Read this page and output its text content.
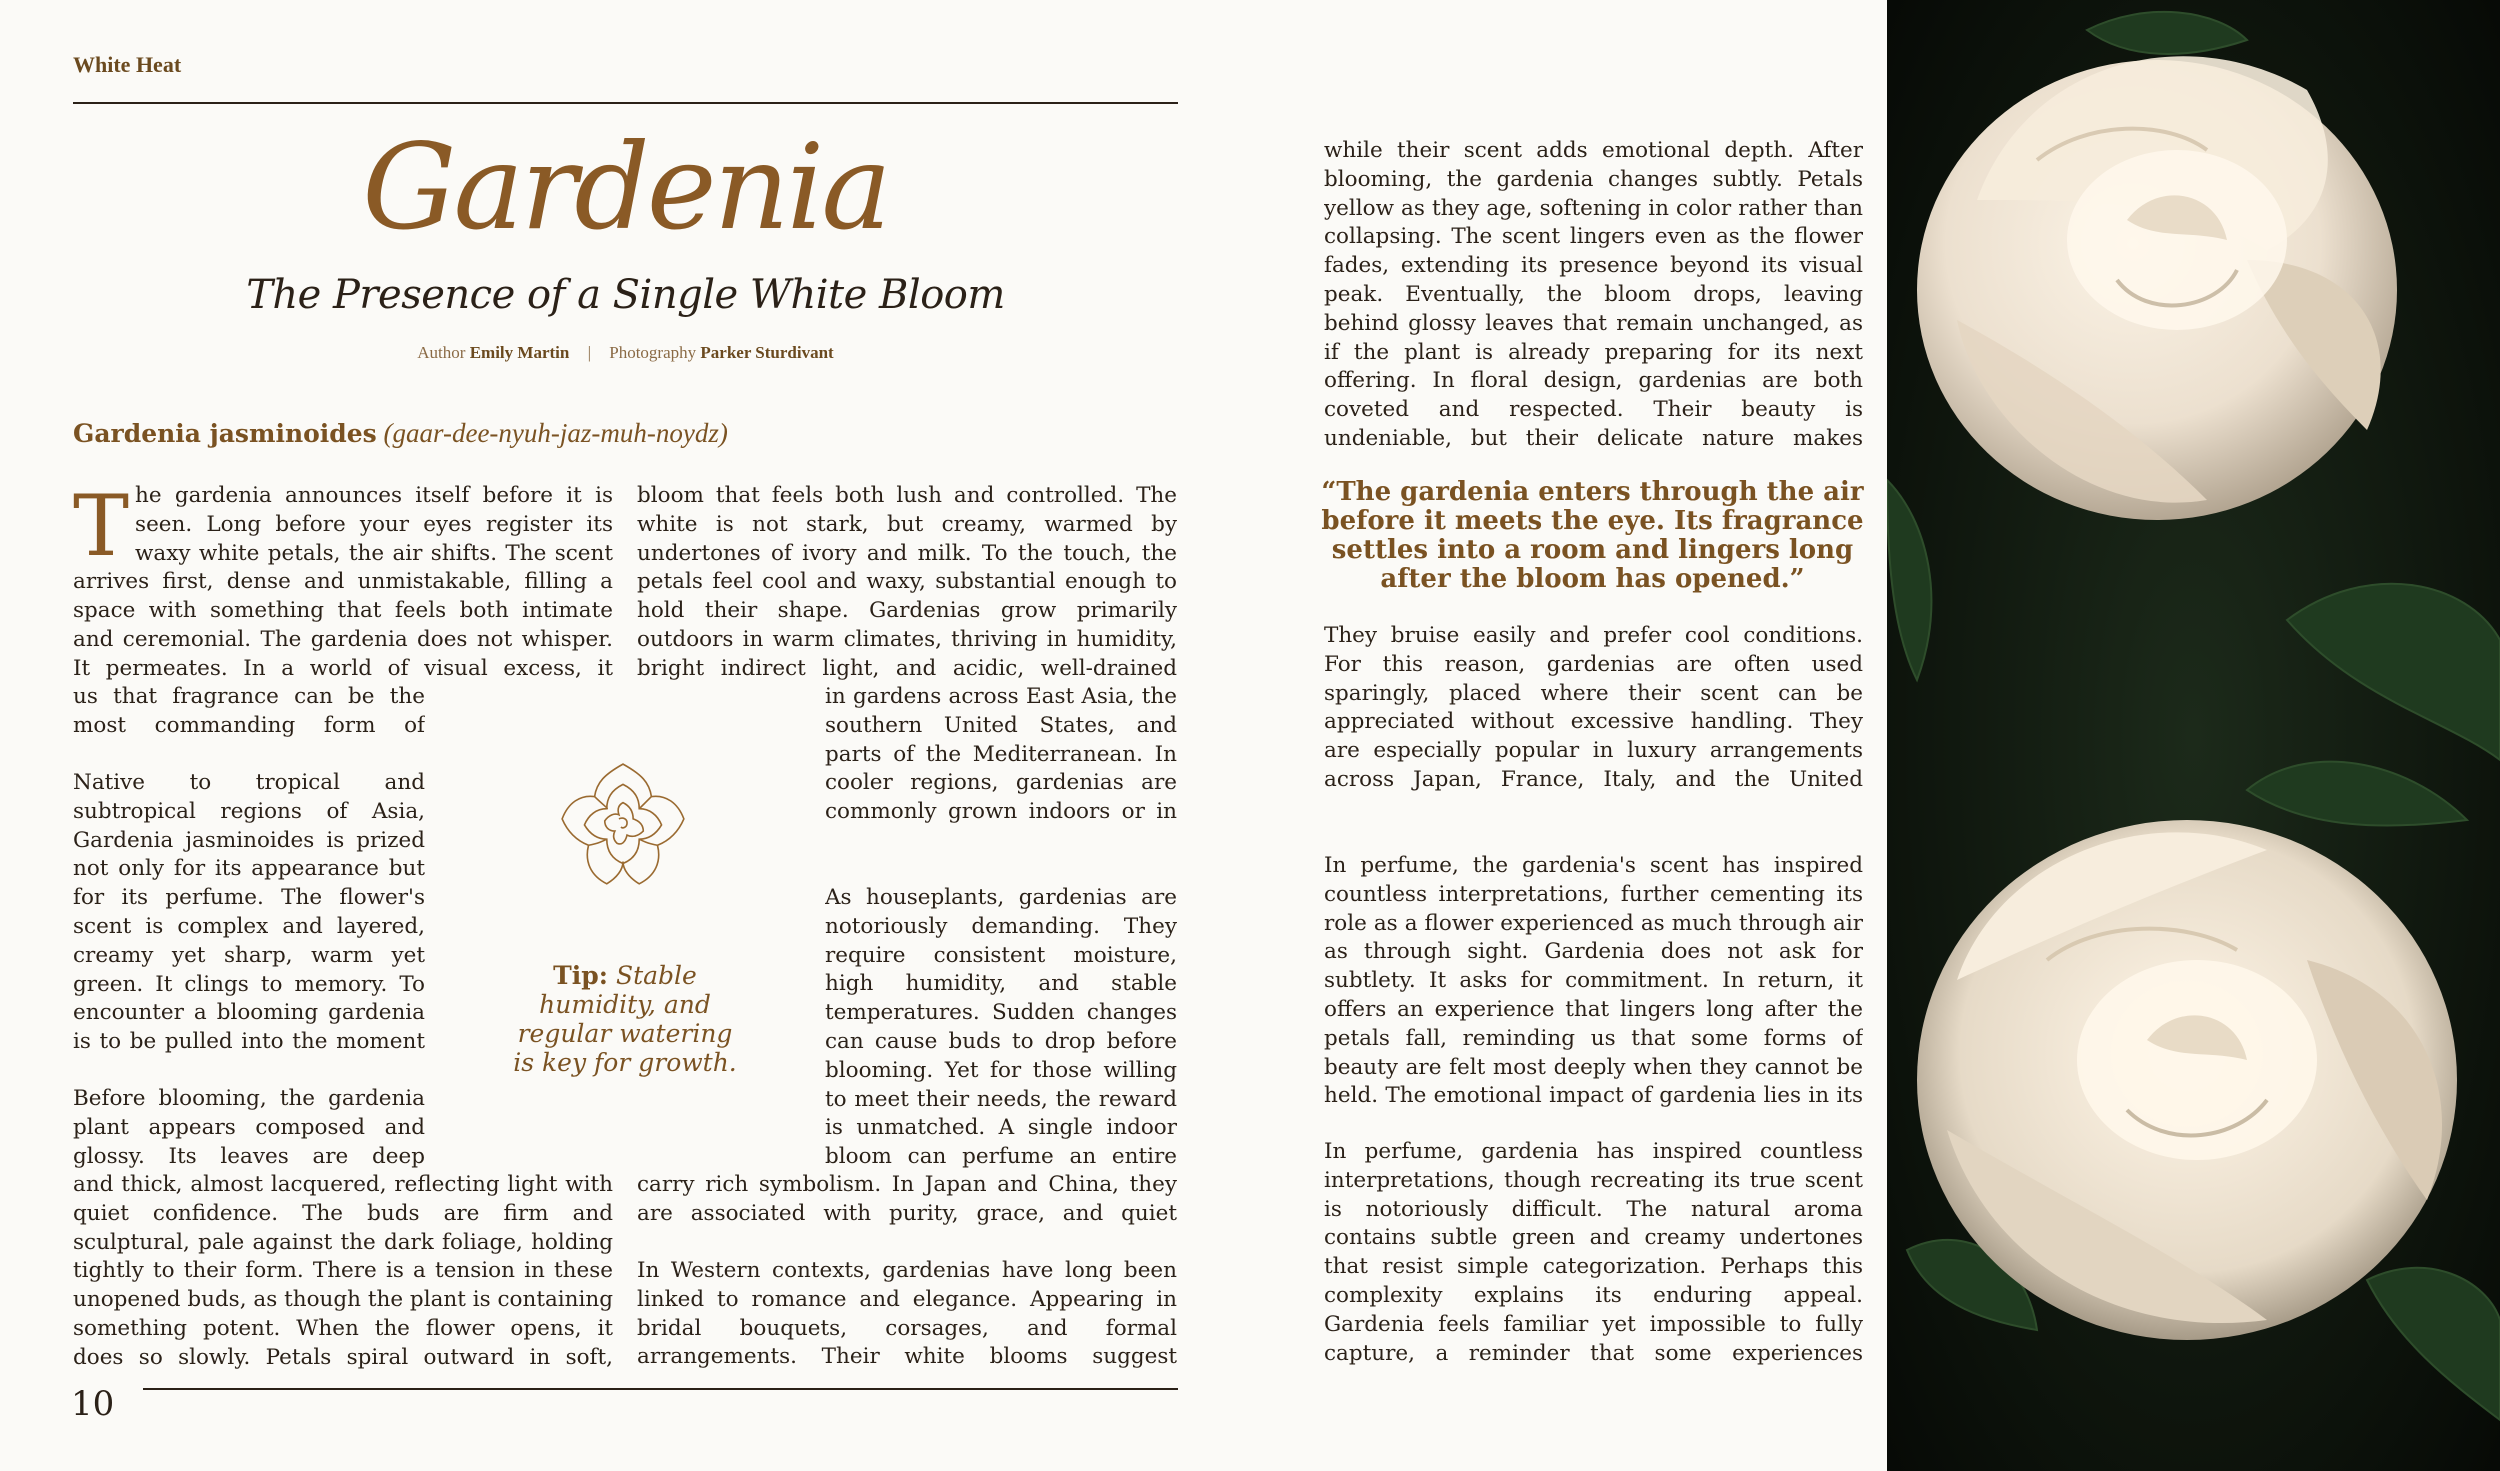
White Heat
Gardenia
The Presence of a Single White Bloom
Author Emily Martin | Photography Parker Sturdivant
Gardenia jasminoides (gaar-dee-nyuh-jaz-muh-noydz)
T he gardenia announces itself before it is seen. Long before your eyes register its waxy white petals, the air shifts. The scent arrives first, dense and unmistakable, filling a space with something that feels both intimate and ceremonial. The gardenia does not whisper. It permeates. In a world of visual excess, it
us that fragrance can be the most commanding form of
Native to tropical and subtropical regions of Asia, Gardenia jasminoides is prized not only for its appearance but for its perfume. The flower's scent is complex and layered, creamy yet sharp, warm yet green. It clings to memory. To encounter a blooming gardenia is to be pulled into the moment
Before blooming, the gardenia plant appears composed and glossy. Its leaves are deep
and thick, almost lacquered, reflecting light with quiet confidence. The buds are firm and sculptural, pale against the dark foliage, holding tightly to their form. There is a tension in these unopened buds, as though the plant is containing something potent. When the flower opens, it does so slowly. Petals spiral outward in soft,
bloom that feels both lush and controlled. The white is not stark, but creamy, warmed by undertones of ivory and milk. To the touch, the petals feel cool and waxy, substantial enough to hold their shape. Gardenias grow primarily outdoors in warm climates, thriving in humidity, bright indirect light, and acidic, well-drained
in gardens across East Asia, the southern United States, and parts of the Mediterranean. In cooler regions, gardenias are commonly grown indoors or in
As houseplants, gardenias are notoriously demanding. They require consistent moisture, high humidity, and stable temperatures. Sudden changes can cause buds to drop before blooming. Yet for those willing to meet their needs, the reward is unmatched. A single indoor bloom can perfume an entire
carry rich symbolism. In Japan and China, they are associated with purity, grace, and quiet
In Western contexts, gardenias have long been linked to romance and elegance. Appearing in bridal bouquets, corsages, and formal arrangements. Their white blooms suggest
Tip: Stable humidity, and regular watering is key for growth.
while their scent adds emotional depth. After blooming, the gardenia changes subtly. Petals yellow as they age, softening in color rather than collapsing. The scent lingers even as the flower fades, extending its presence beyond its visual peak. Eventually, the bloom drops, leaving behind glossy leaves that remain unchanged, as if the plant is already preparing for its next offering. In floral design, gardenias are both coveted and respected. Their beauty is undeniable, but their delicate nature makes
“The gardenia enters through the air before it meets the eye. Its fragrance settles into a room and lingers long after the bloom has opened.”
They bruise easily and prefer cool conditions. For this reason, gardenias are often used sparingly, placed where their scent can be appreciated without excessive handling. They are especially popular in luxury arrangements across Japan, France, Italy, and the United
In perfume, the gardenia's scent has inspired countless interpretations, further cementing its role as a flower experienced as much through air as through sight. Gardenia does not ask for subtlety. It asks for commitment. In return, it offers an experience that lingers long after the petals fall, reminding us that some forms of beauty are felt most deeply when they cannot be held. The emotional impact of gardenia lies in its
In perfume, gardenia has inspired countless interpretations, though recreating its true scent is notoriously difficult. The natural aroma contains subtle green and creamy undertones that resist simple categorization. Perhaps this complexity explains its enduring appeal. Gardenia feels familiar yet impossible to fully capture, a reminder that some experiences
10
